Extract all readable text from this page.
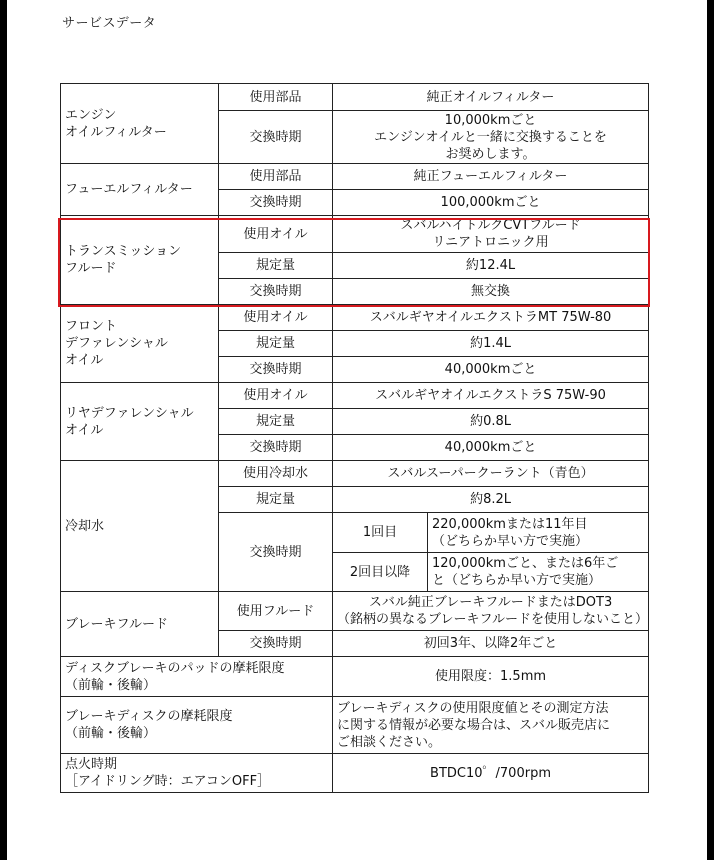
サービスデータ
エンジン
オイルフィルター	使用部品	純正オイルフィルター	
	交換時期	10,000kmごと
エンジンオイルと一緒に交換することを
お奨めします。	
フューエルフィルター	使用部品	純正フューエルフィルター	
	交換時期	100,000kmごと	
トランスミッション
フルード	使用オイル	スバルハイトルクCVTフルード
リニアトロニック用	
	規定量	約12.4L	
	交換時期	無交換	
フロント
デファレンシャル
オイル	使用オイル	スバルギヤオイルエクストラMT 75W-80	
	規定量	約1.4L	
	交換時期	40,000kmごと	
リヤデファレンシャル
オイル	使用オイル	スバルギヤオイルエクストラS 75W-90	
	規定量	約0.8L	
	交換時期	40,000kmごと	
冷却水	使用冷却水	スバルスーパークーラント（青色）	
	規定量	約8.2L	
	交換時期	1回目	220,000kmまたは11年目
（どちらか早い方で実施）
		2回目以降	120,000kmごと、または6年ご
と（どちらか早い方で実施）
ブレーキフルード	使用フルード	スバル純正ブレーキフルードまたはDOT3
（銘柄の異なるブレーキフルードを使用しないこと）	
	交換時期	初回3年、以降2年ごと	
ディスクブレーキのパッドの摩耗限度
（前輪・後輪）		使用限度：1.5mm	
ブレーキディスクの摩耗限度
（前輪・後輪）		ブレーキディスクの使用限度値とその測定方法
に関する情報が必要な場合は、スバル販売店に
ご相談ください。	
点火時期
［アイドリング時：エアコンOFF］		BTDC10゜/700rpm	
